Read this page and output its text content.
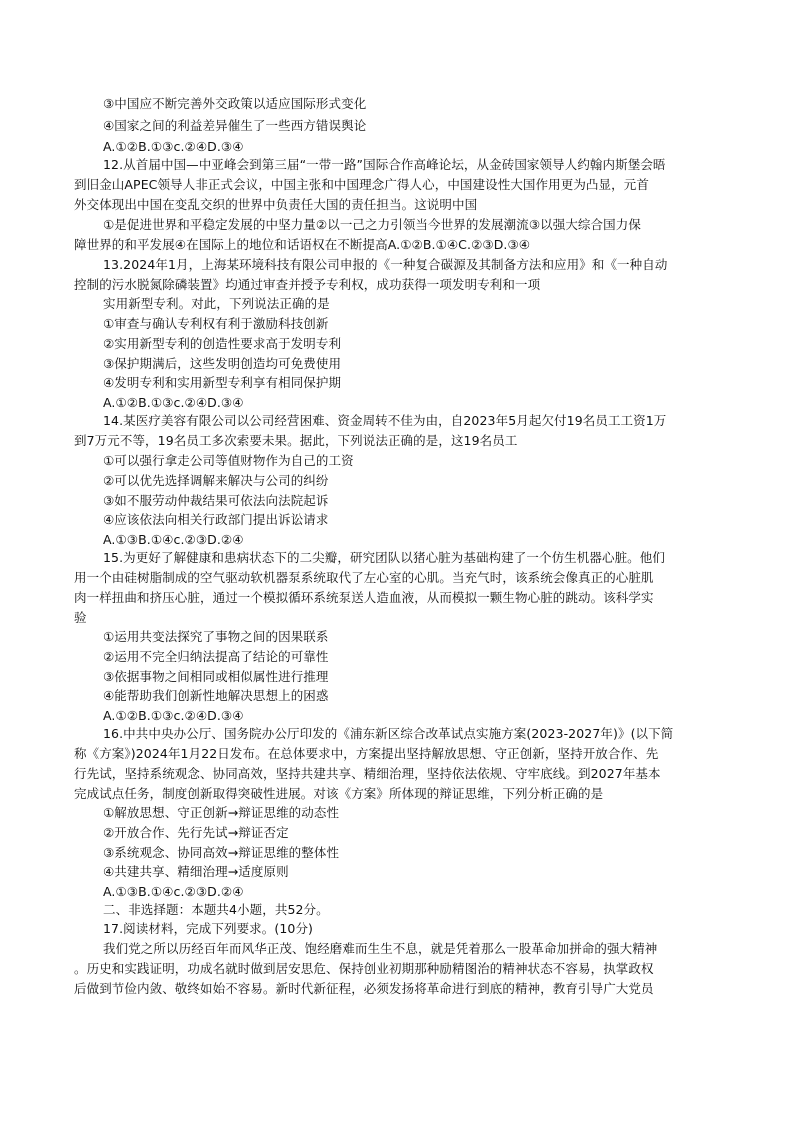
③中国应不断完善外交政策以适应国际形式变化
④国家之间的利益差异催生了一些西方错误舆论
A.①②B.①③c.②④D.③④
12.从首届中国—中亚峰会到第三届“一带一路”国际合作高峰论坛，从金砖国家领导人约翰内斯堡会晤
到旧金山APEC领导人非正式会议，中国主张和中国理念广得人心，中国建设性大国作用更为凸显，元首
外交体现出中国在变乱交织的世界中负责任大国的责任担当。这说明中国
①是促进世界和平稳定发展的中坚力量②以一己之力引领当今世界的发展潮流③以强大综合国力保
障世界的和平发展④在国际上的地位和话语权在不断提高A.①②B.①④C.②③D.③④
13.2024年1月，上海某环境科技有限公司申报的《一种复合碳源及其制备方法和应用》和《一种自动
控制的污水脱氮除磷装置》均通过审查并授予专利权，成功获得一项发明专利和一项
实用新型专利。对此，下列说法正确的是
①审查与确认专利权有利于激励科技创新
②实用新型专利的创造性要求高于发明专利
③保护期满后，这些发明创造均可免费使用
④发明专利和实用新型专利享有相同保护期
A.①②B.①③c.②④D.③④
14.某医疗美容有限公司以公司经营困难、资金周转不佳为由，自2023年5月起欠付19名员工工资1万
到7万元不等，19名员工多次索要未果。据此，下列说法正确的是，这19名员工
①可以强行拿走公司等值财物作为自己的工资
②可以优先选择调解来解决与公司的纠纷
③如不服劳动仲裁结果可依法向法院起诉
④应该依法向相关行政部门提出诉讼请求
A.①③B.①④c.②③D.②④
15.为更好了解健康和患病状态下的二尖瓣，研究团队以猪心脏为基础构建了一个仿生机器心脏。他们
用一个由硅树脂制成的空气驱动软机器泵系统取代了左心室的心肌。当充气时，该系统会像真正的心脏肌
肉一样扭曲和挤压心脏，通过一个模拟循环系统泵送人造血液，从而模拟一颗生物心脏的跳动。该科学实
验
①运用共变法探究了事物之间的因果联系
②运用不完全归纳法提高了结论的可靠性
③依据事物之间相同或相似属性进行推理
④能帮助我们创新性地解决思想上的困惑
A.①②B.①③c.②④D.③④
16.中共中央办公厅、国务院办公厅印发的《浦东新区综合改革试点实施方案(2023-2027年)》(以下简
称《方案》)2024年1月22日发布。在总体要求中，方案提出坚持解放思想、守正创新，坚持开放合作、先
行先试，坚持系统观念、协同高效，坚持共建共享、精细治理，坚持依法依规、守牢底线。到2027年基本
完成试点任务，制度创新取得突破性进展。对该《方案》所体现的辩证思维，下列分析正确的是
①解放思想、守正创新→辩证思维的动态性
②开放合作、先行先试→辩证否定
③系统观念、协同高效→辩证思维的整体性
④共建共享、精细治理→适度原则
A.①③B.①④c.②③D.②④
二、非选择题：本题共4小题，共52分。
17.阅读材料，完成下列要求。(10分)
我们党之所以历经百年而风华正茂、饱经磨难而生生不息，就是凭着那么一股革命加拼命的强大精神
。历史和实践证明，功成名就时做到居安思危、保持创业初期那种励精图治的精神状态不容易，执掌政权
后做到节俭内敛、敬终如始不容易。新时代新征程，必须发扬将革命进行到底的精神，教育引导广大党员
